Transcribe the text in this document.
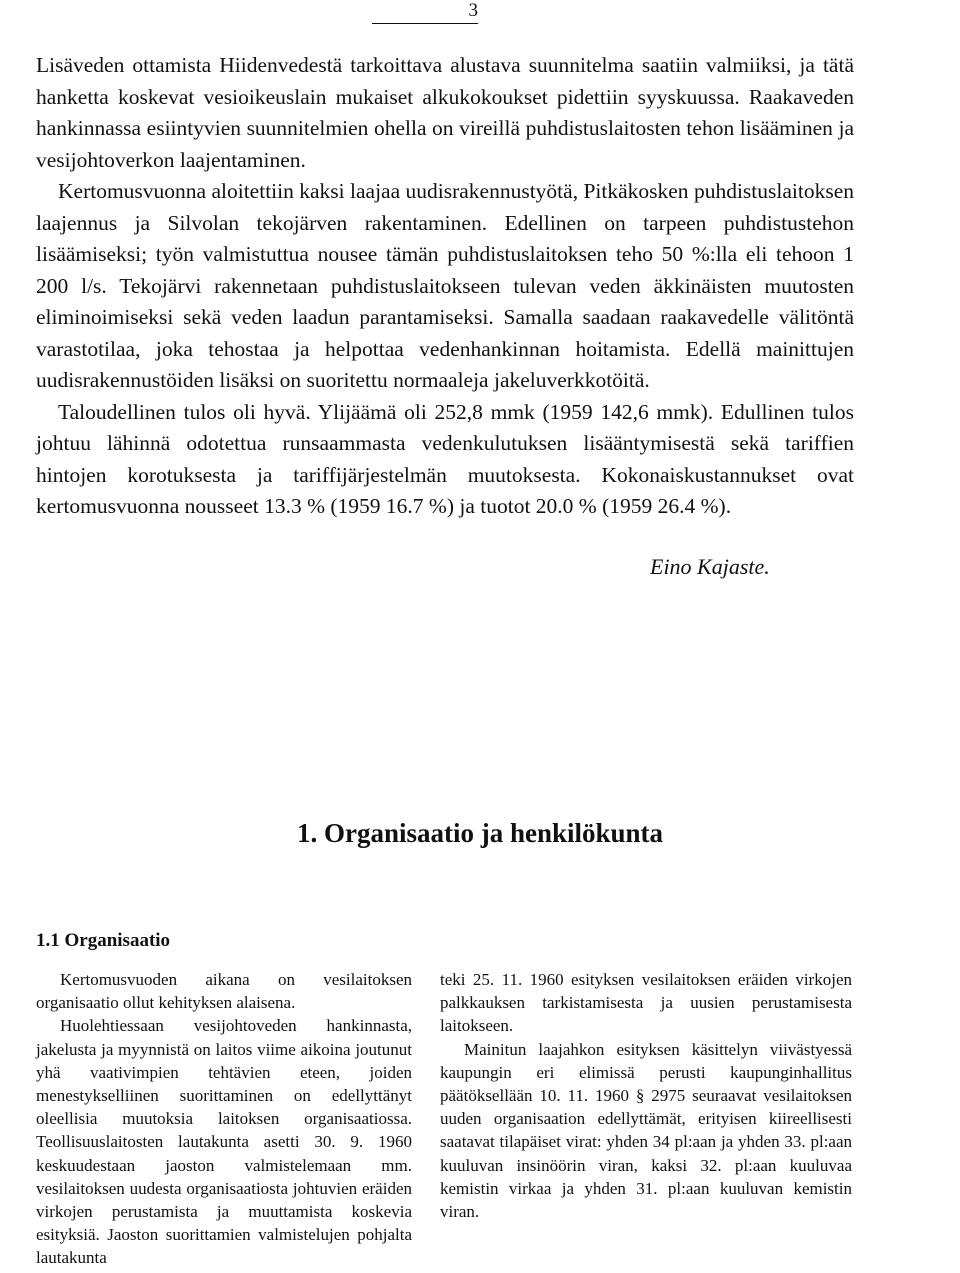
3

Lisäveden ottamista Hiidenvedestä tarkoittava alustava suunnitelma saatiin valmiiksi, ja tätä hanketta koskevat vesioikeuslain mukaiset alkukokoukset pidettiin syyskuussa. Raakaveden hankinnassa esiintyvien suunnitelmien ohella on vireillä puhdistuslaitosten tehon lisääminen ja vesijohtoverkon laajentaminen.

Kertomusvuonna aloitettiin kaksi laajaa uudisrakennustyötä, Pitkäkosken puhdistuslaitoksen laajennus ja Silvolan tekojärven rakentaminen. Edellinen on tarpeen puhdistustehon lisäämiseksi; työn valmistuttua nousee tämän puhdistuslaitoksen teho 50 %:lla eli tehoon 1 200 l/s. Tekojärvi rakennetaan puhdistuslaitokseen tulevan veden äkkinäisten muutosten eliminoimiseksi sekä veden laadun parantamiseksi. Samalla saadaan raakavedelle välitöntä varastotilaa, joka tehostaa ja helpottaa vedenhankinnan hoitamista. Edellä mainittujen uudisrakennustöiden lisäksi on suoritettu normaaleja jakeluverkkotöitä.

Taloudellinen tulos oli hyvä. Ylijäämä oli 252,8 mmk (1959 142,6 mmk). Edullinen tulos johtuu lähinnä odotettua runsaammasta vedenkulutuksen lisääntymisestä sekä tariffien hintojen korotuksesta ja tariffijärjestelmän muutoksesta. Kokonaiskustannukset ovat kertomusvuonna nousseet 13.3 % (1959 16.7 %) ja tuotot 20.0 % (1959 26.4 %).

Eino Kajaste.
1. Organisaatio ja henkilökunta
1.1 Organisaatio

Kertomusvuoden aikana on vesilaitoksen organisaatio ollut kehityksen alaisena.

Huolehtiessaan vesijohtoveden hankinnasta, jakelusta ja myynnistä on laitos viime aikoina joutunut yhä vaativimpien tehtävien eteen, joiden menestykselliinen suorittaminen on edellyttänyt oleellisia muutoksia laitoksen organisaatiossa. Teollisuuslaitosten lautakunta asetti 30. 9. 1960 keskuudestaan jaoston valmistelemaan mm. vesilaitoksen uudesta organisaatiosta johtuvien eräiden virkojen perustamista ja muuttamista koskevia esityksiä. Jaoston suorittamien valmistelujen pohjalta lautakunta

teki 25. 11. 1960 esityksen vesilaitoksen eräiden virkojen palkkauksen tarkistamisesta ja uusien perustamisesta laitokseen.

Mainitun laajahkon esityksen käsittelyn viivästyessä kaupungin eri elimissä perusti kaupunginhallitus päätöksellään 10. 11. 1960 § 2975 seuraavat vesilaitoksen uuden organisaation edellyttämät, erityisen kiireellisesti saatavat tilapäiset virat: yhden 34 pl:aan ja yhden 33. pl:aan kuuluvan insinöörin viran, kaksi 32. pl:aan kuuluvaa kemistin virkaa ja yhden 31. pl:aan kuuluvan kemistin viran.
